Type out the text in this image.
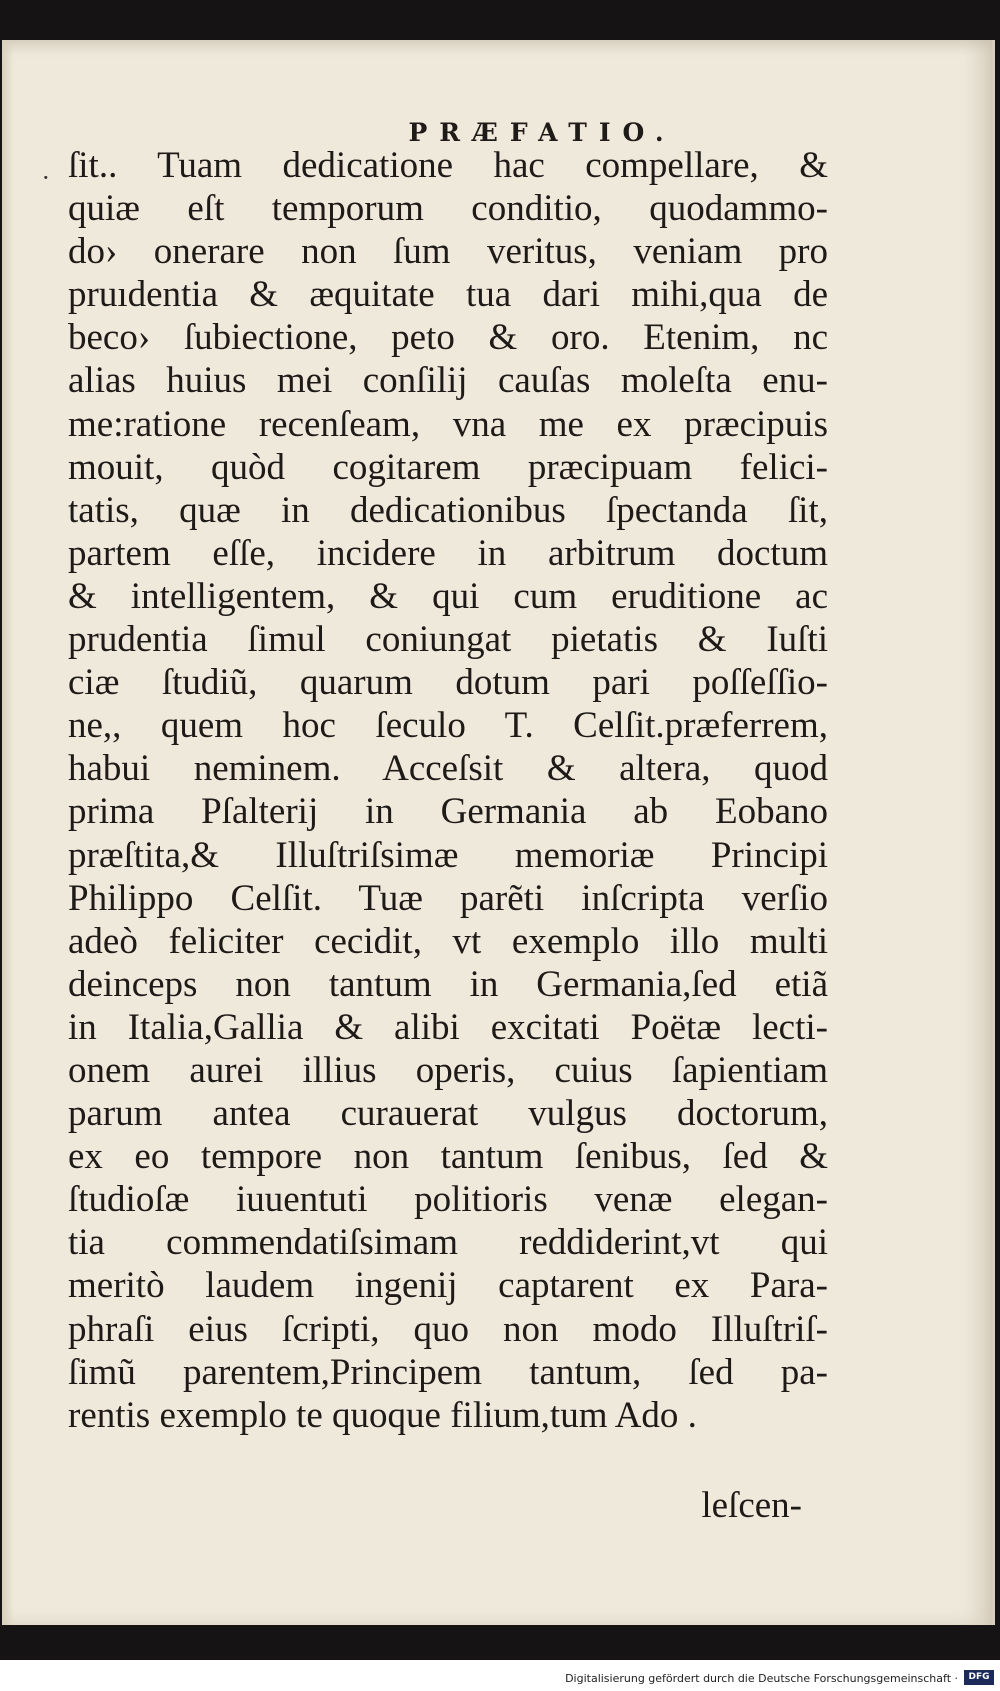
PRÆFATIO.
· ſit.. Tuam dedicatione hac compellare, &
quiæ eſt temporum conditio, quodammo-
do› onerare non ſum veritus, veniam pro
pruıdentia & æquitate tua dari mihi,qua de
beco› ſubiectione, peto & oro. Etenim, nc
alias huius mei conſilij cauſas moleſta enu-
me:ratione recenſeam, vna me ex præcipuis
mouit, quòd cogitarem præcipuam felici-
tatis, quæ in dedicationibus ſpectanda ſit,
partem eſſe, incidere in arbitrum doctum
& intelligentem, & qui cum eruditione ac
prudentia ſimul coniungat pietatis & Iuſti
ciæ ſtudiũ, quarum dotum pari poſſeſſio-
ne,, quem hoc ſeculo T. Celſit.præferrem,
habui neminem. Acceſsit & altera, quod
prima Pſalterij in Germania ab Eobano
præſtita,& Illuſtriſsimæ memoriæ Principi
Philippo Celſit. Tuæ parẽti inſcripta verſio
adeò feliciter cecidit, vt exemplo illo multi
deinceps non tantum in Germania,ſed etiã
in Italia,Gallia & alibi excitati Poëtæ lecti-
onem aurei illius operis, cuius ſapientiam
parum antea curauerat vulgus doctorum,
ex eo tempore non tantum ſenibus, ſed &
ſtudioſæ iuuentuti politioris venæ elegan-
tia commendatiſsimam reddiderint,vt qui
meritò laudem ingenij captarent ex Para-
phraſi eius ſcripti, quo non modo Illuſtriſ-
ſimũ parentem,Principem tantum, ſed pa-
rentis exemplo te quoque filium,tum Ado .
leſcen-
Digitalisierung gefördert durch die Deutsche Forschungsgemeinschaft ·	DFG
